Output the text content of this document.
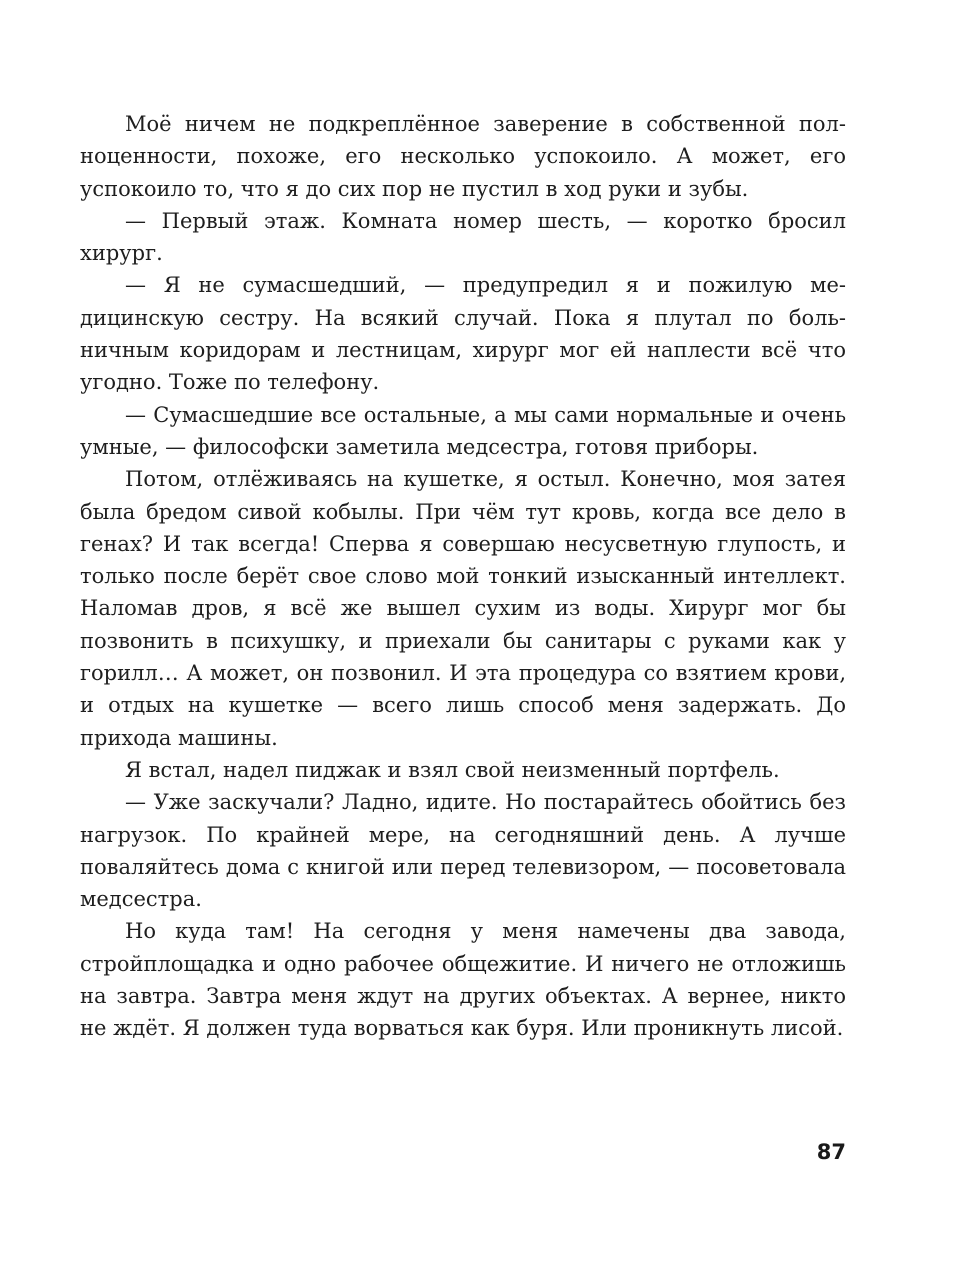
Моё ничем не подкреплённое заверение в собственной полноценности, похоже, его несколько успокоило. А может, его успокоило то, что я до сих пор не пустил в ход руки и зубы.

— Первый этаж. Комната номер шесть, — коротко бросил хирург.

— Я не сумасшедший, — предупредил я и пожилую медицинскую сестру. На всякий случай. Пока я плутал по больничным коридорам и лестницам, хирург мог ей наплести всё что угодно. Тоже по телефону.

— Сумасшедшие все остальные, а мы сами нормальные и очень умные, — философски заметила медсестра, готовя приборы.

Потом, отлёживаясь на кушетке, я остыл. Конечно, моя затея была бредом сивой кобылы. При чём тут кровь, когда все дело в генах? И так всегда! Сперва я совершаю несусветную глупость, и только после берёт свое слово мой тонкий изысканный интеллект. Наломав дров, я всё же вышел сухим из воды. Хирург мог бы позвонить в психушку, и приехали бы санитары с руками как у горилл… А может, он позвонил. И эта процедура со взятием крови, и отдых на кушетке — всего лишь способ меня задержать. До прихода машины.

Я встал, надел пиджак и взял свой неизменный портфель.

— Уже заскучали? Ладно, идите. Но постарайтесь обойтись без нагрузок. По крайней мере, на сегодняшний день. А лучше поваляйтесь дома с книгой или перед телевизором, — посоветовала медсестра.

Но куда там! На сегодня у меня намечены два завода, стройплощадка и одно рабочее общежитие. И ничего не отложишь на завтра. Завтра меня ждут на других объектах. А вернее, никто не ждёт. Я должен туда ворваться как буря. Или проникнуть лисой.

87
